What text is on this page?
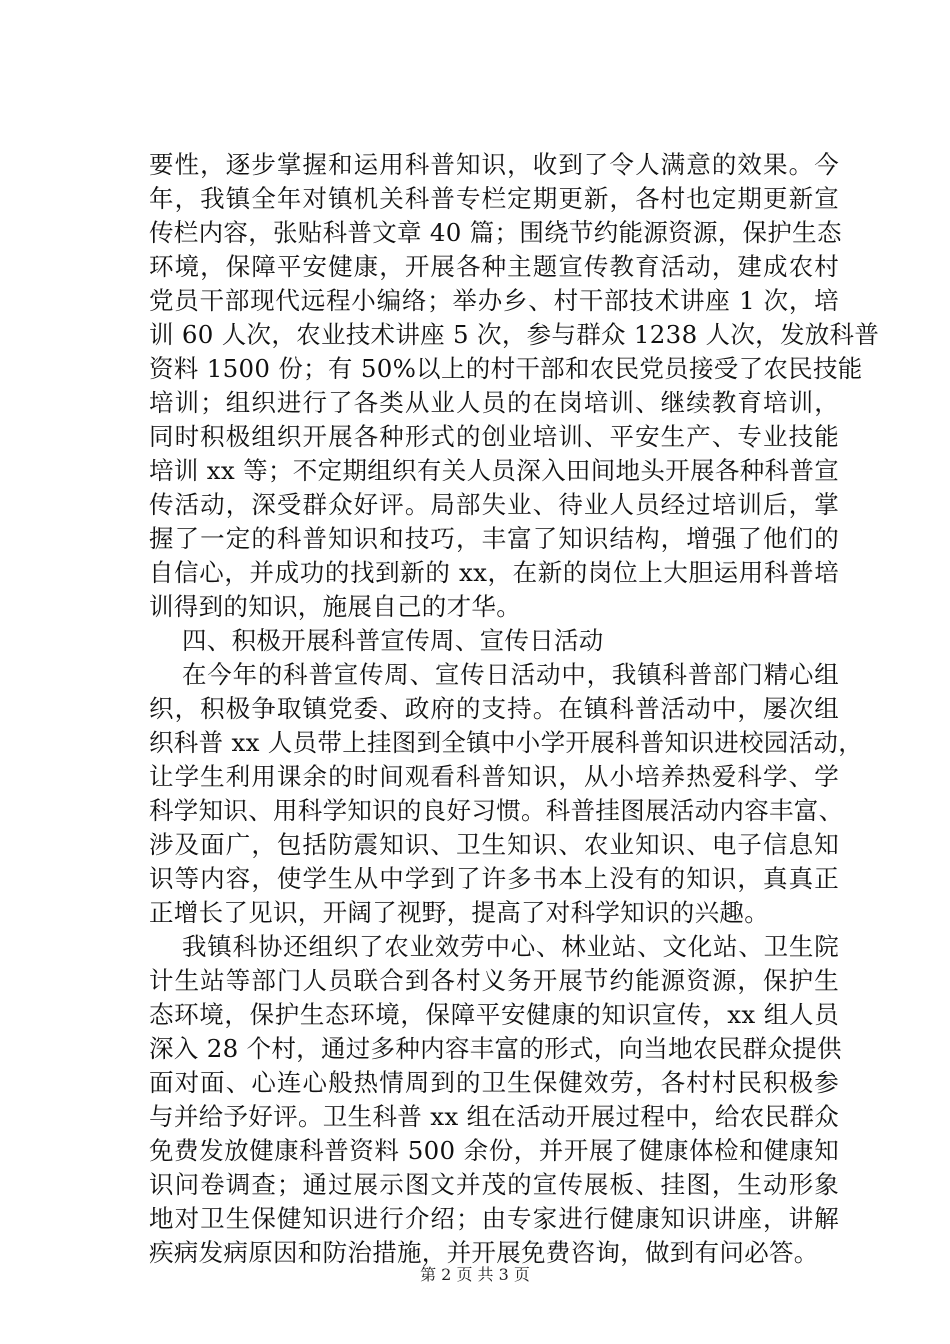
要性，逐步掌握和运用科普知识，收到了令人满意的效果。今
年，我镇全年对镇机关科普专栏定期更新，各村也定期更新宣
传栏内容，张贴科普文章 40 篇；围绕节约能源资源，保护生态
环境，保障平安健康，开展各种主题宣传教育活动，建成农村
党员干部现代远程小编络；举办乡、村干部技术讲座 1 次，培
训 60 人次，农业技术讲座 5 次，参与群众 1238 人次，发放科普
资料 1500 份；有 50%以上的村干部和农民党员接受了农民技能
培训；组织进行了各类从业人员的在岗培训、继续教育培训，
同时积极组织开展各种形式的创业培训、平安生产、专业技能
培训 xx 等；不定期组织有关人员深入田间地头开展各种科普宣
传活动，深受群众好评。局部失业、待业人员经过培训后，掌
握了一定的科普知识和技巧，丰富了知识结构，增强了他们的
自信心，并成功的找到新的 xx，在新的岗位上大胆运用科普培
训得到的知识，施展自己的才华。
四、积极开展科普宣传周、宣传日活动
在今年的科普宣传周、宣传日活动中，我镇科普部门精心组
织，积极争取镇党委、政府的支持。在镇科普活动中，屡次组
织科普 xx 人员带上挂图到全镇中小学开展科普知识进校园活动，
让学生利用课余的时间观看科普知识，从小培养热爱科学、学
科学知识、用科学知识的良好习惯。科普挂图展活动内容丰富、
涉及面广，包括防震知识、卫生知识、农业知识、电子信息知
识等内容，使学生从中学到了许多书本上没有的知识，真真正
正增长了见识，开阔了视野，提高了对科学知识的兴趣。
我镇科协还组织了农业效劳中心、林业站、文化站、卫生院
计生站等部门人员联合到各村义务开展节约能源资源，保护生
态环境，保护生态环境，保障平安健康的知识宣传，xx 组人员
深入 28 个村，通过多种内容丰富的形式，向当地农民群众提供
面对面、心连心般热情周到的卫生保健效劳，各村村民积极参
与并给予好评。卫生科普 xx 组在活动开展过程中，给农民群众
免费发放健康科普资料 500 余份，并开展了健康体检和健康知
识问卷调查；通过展示图文并茂的宣传展板、挂图，生动形象
地对卫生保健知识进行介绍；由专家进行健康知识讲座，讲解
疾病发病原因和防治措施，并开展免费咨询，做到有问必答。
第 2 页 共 3 页
